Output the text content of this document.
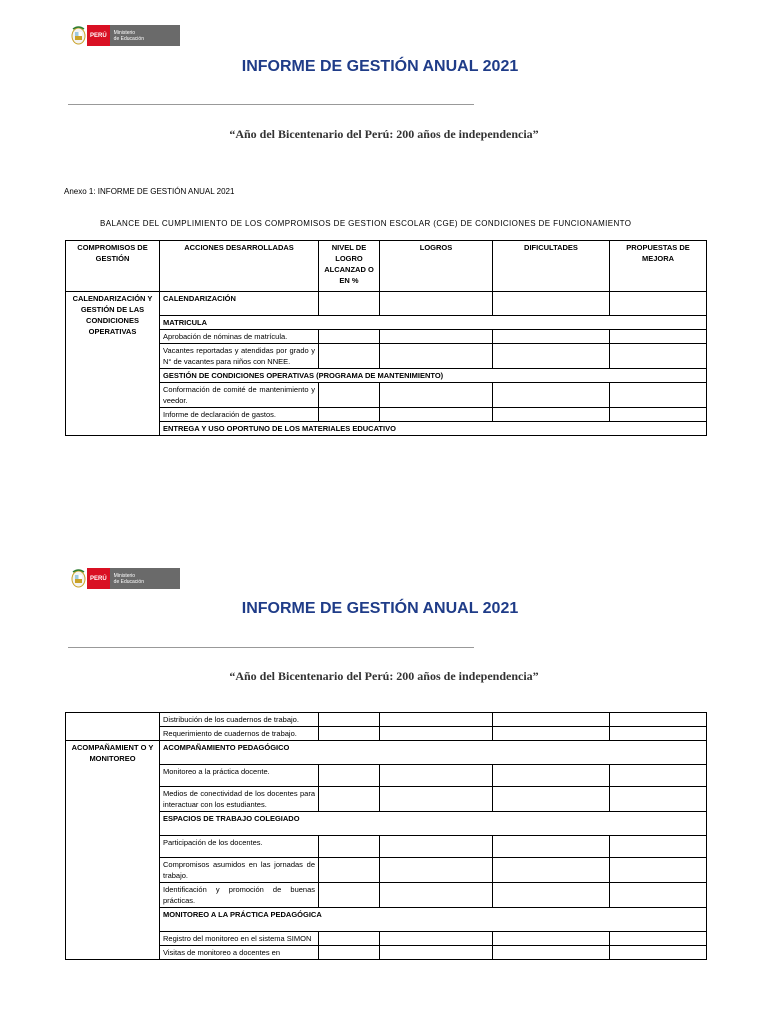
PERÚ	Ministerio
de Educación
INFORME DE GESTIÓN ANUAL 2021
“Año del Bicentenario del Perú: 200 años de independencia”
Anexo 1: INFORME DE GESTIÓN ANUAL 2021
BALANCE DEL CUMPLIMIENTO DE LOS COMPROMISOS DE GESTION ESCOLAR (CGE) DE CONDICIONES DE FUNCIONAMIENTO
COMPROMISOS DE GESTIÓN	ACCIONES DESARROLLADAS	NIVEL DE LOGRO ALCANZAD O EN %	LOGROS	DIFICULTADES	PROPUESTAS DE MEJORA
CALENDARIZACIÓN Y GESTIÓN DE LAS CONDICIONES OPERATIVAS	CALENDARIZACIÓN				
	MATRICULA				
	Aprobación de nóminas de matrícula.				
	Vacantes reportadas y atendidas por grado y N° de vacantes para niños con NNEE.				
	GESTIÓN DE CONDICIONES OPERATIVAS (PROGRAMA DE MANTENIMIENTO)				
	Conformación de comité de mantenimiento y veedor.				
	Informe de declaración de gastos.				
	ENTREGA Y USO OPORTUNO DE LOS MATERIALES EDUCATIVO				
PERÚ	Ministerio
de Educación
INFORME DE GESTIÓN ANUAL 2021
“Año del Bicentenario del Perú: 200 años de independencia”
	Distribución de los cuadernos de trabajo.				
	Requerimiento de cuadernos de trabajo.				
ACOMPAÑAMIENT O Y MONITOREO	ACOMPAÑAMIENTO PEDAGÓGICO				
	Monitoreo a la práctica docente.				
	Medios de conectividad de los docentes para interactuar con los estudiantes.				
	ESPACIOS DE TRABAJO COLEGIADO				
	Participación de los docentes.				
	Compromisos asumidos en las jornadas de trabajo.				
	Identificación y promoción de buenas prácticas.				
	MONITOREO A LA PRÁCTICA PEDAGÓGICA				
	Registro del monitoreo en el sistema SIMON				
	Visitas de monitoreo a docentes en				
